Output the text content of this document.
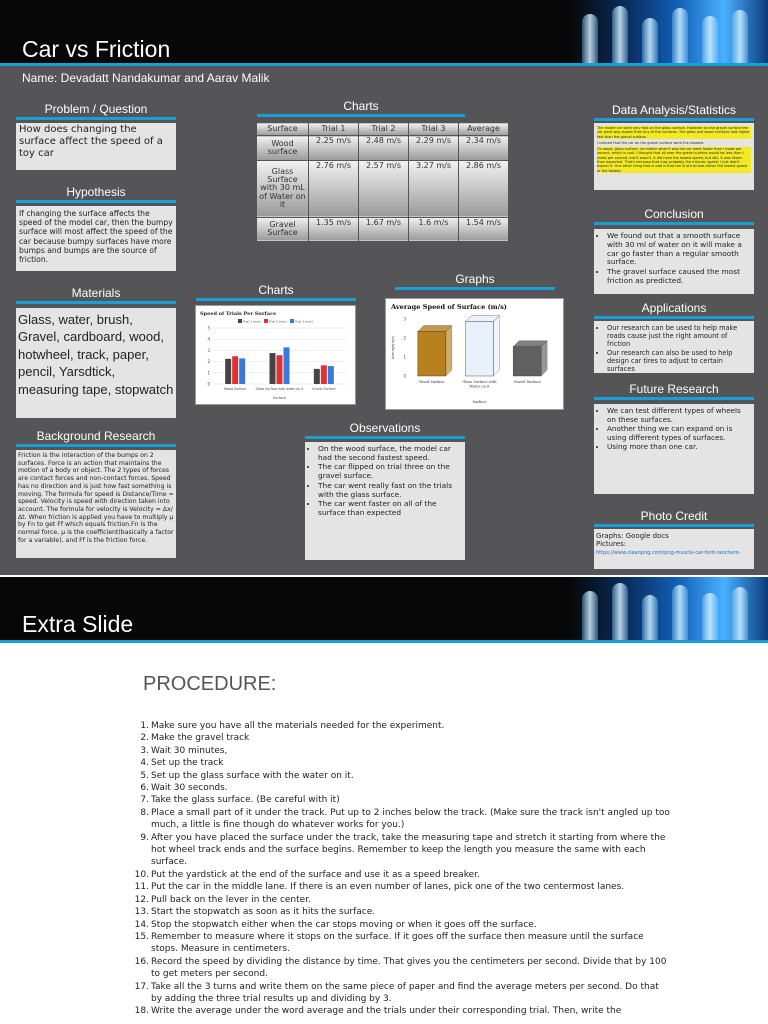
Car vs Friction
Name: Devadatt Nandakumar and Aarav Malik
Problem / Question
How does changing the surface affect the speed of a toy car
Hypothesis
If changing the surface affects the speed of the model car, then the bumpy surface will most affect the speed of the car because bumpy surfaces have more bumps and bumps are the source of friction.
Materials
Glass, water, brush, Gravel, cardboard, wood, hotwheel, track, paper, pencil, Yarsdtick, measuring tape, stopwatch
Background Research
Friction is the interaction of the bumps on 2 surfaces. Force is an action that maintains the motion of a body or object. The 2 types of forces are contact forces and non-contact forces. Speed has no direction and is just how fast something is moving. The formula for speed is Distance/Time = speed. Velocity is speed with direction taken into account. The formula for velocity is Velocity = Δx/Δt. When friction is applied you have to multiply μ by Fn to get Ff which equals friction.Fn is the normal force, μ is the coefficient(basically a factor for a variable), and Ff is the friction force.
Charts
Surface	Trial 1	Trial 2	Trial 3	Average
Wood surface	2.25 m/s	2.48 m/s	2.29 m/s	2.34 m/s
Glass Surface with 30 mL of Water on it	2.76 m/s	2.57 m/s	3.27 m/s	2.86 m/s
Gravel Surface	1.35 m/s	1.67 m/s	1.6 m/s	1.54 m/s
Charts
Speed of Trials Per Surface
Trial 1 (m/s)	Trial 2 (m/s)	Trial 3 (m/s)
0
1
2
3
4
5
Wood Surface	Glass Surface with water on it	Gravel Surface
Surface
Graphs
Average Speed of Surface (m/s)
0
1
2
3
Average(m/s)
Wood Surface	Glass Surface with
Water on it
Gravel Surface
Surface
Observations
• On the wood surface, the model car had the second fastest speed.
• The car flipped on trial three on the gravel surface.
• The car went really fast on the trials with the glass surface.
• The car went faster on all of the surface than expected
Data Analysis/Statistics

The model car went very fast on the glass surface. However on the gravel surface the car went way slower than any of the surfaces. The glass and wood surfaces had higher fast than the gravel surface.

I noticed that the car on the gravel surface went the slowest.

On wood, glass surface, no matter what it was the car went faster than I make per second, which is cool. I thought that all over the gravel surface would be less than I make per second, but it wasn't. It did have the lowest speed, but still, it was faster than expected. That's because that may probably the intrinsic speed. I just didn't expect it. One other thing that is odd is that the 2nd trial was either the lowest speed or the fastest.

Conclusion
• We found out that a smooth surface with 30 ml of water on it will make a car go faster than a regular smooth surface.
• The gravel surface caused the most friction as predicted.
Applications
• Our research can be used to help make roads cause just the right amount of friction
• Our research can also be used to help design car tires to adjust to certain surfaces
Future Research
• We can test different types of wheels on these surfaces.
• Another thing we can expand on is using different types of surfaces.
• Using more than one car.
Photo Credit
Graphs: Google docs
Pictures:
https://www.cleanpng.com/png-muscle-car-ford-ranchero-
Extra Slide
PROCEDURE:
1. Make sure you have all the materials needed for the experiment.
2. Make the gravel track
3. Wait 30 minutes,
4. Set up the track
5. Set up the glass surface with the water on it.
6. Wait 30 seconds.
7. Take the glass surface. (Be careful with it)
8. Place a small part of it under the track. Put up to 2 inches below the track. (Make sure the track isn't angled up too much, a little is fine though do whatever works for you.)
9. After you have placed the surface under the track, take the measuring tape and stretch it starting from where the hot wheel track ends and the surface begins. Remember to keep the length you measure the same with each surface.
10. Put the yardstick at the end of the surface and use it as a speed breaker.
11. Put the car in the middle lane. If there is an even number of lanes, pick one of the two centermost lanes.
12. Pull back on the lever in the center.
13. Start the stopwatch as soon as it hits the surface.
14. Stop the stopwatch either when the car stops moving or when it goes off the surface.
15. Remember to measure where it stops on the surface. If it goes off the surface then measure until the surface stops. Measure in centimeters.
16. Record the speed by dividing the distance by time. That gives you the centimeters per second. Divide that by 100 to get meters per second.
17. Take all the 3 turns and write them on the same piece of paper and find the average meters per second. Do that by adding the three trial results up and dividing by 3.
18. Write the average under the word average and the trials under their corresponding trial. Then, write the
